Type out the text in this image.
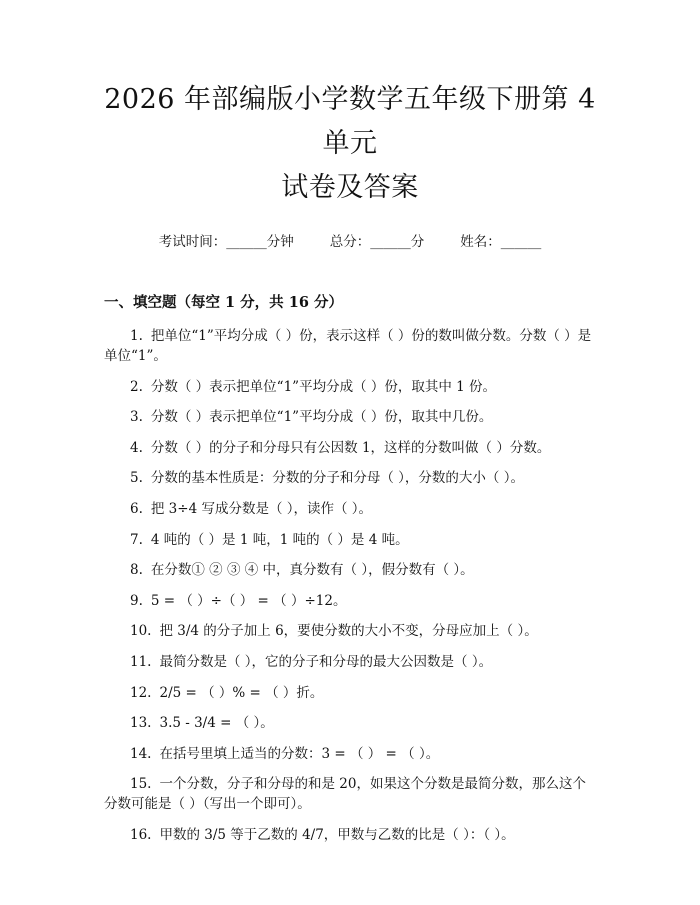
2026 年部编版小学数学五年级下册第 4 单元
试卷及答案
考试时间：______分钟	总分：______分	姓名：______
一、填空题（每空 1 分，共 16 分）
1. 把单位“1”平均分成（ ）份，表示这样（ ）份的数叫做分数。分数（ ）是单位“1”。
2. 分数（ ）表示把单位“1”平均分成（ ）份，取其中 1 份。
3. 分数（ ）表示把单位“1”平均分成（ ）份，取其中几份。
4. 分数（ ）的分子和分母只有公因数 1，这样的分数叫做（ ）分数。
5. 分数的基本性质是：分数的分子和分母（ ），分数的大小（ ）。
6. 把 3÷4 写成分数是（ ），读作（ ）。
7. 4 吨的（ ）是 1 吨，1 吨的（ ）是 4 吨。
8. 在分数① ② ③ ④ 中，真分数有（ ），假分数有（ ）。
9. 5 = （ ）÷（ ） = （ ）÷12。
10. 把 3/4 的分子加上 6，要使分数的大小不变，分母应加上（ ）。
11. 最简分数是（ ），它的分子和分母的最大公因数是（ ）。
12. 2/5 = （ ）% = （ ）折。
13. 3.5 - 3/4 = （ ）。
14. 在括号里填上适当的分数：3 = （ ） = （ ）。
15. 一个分数，分子和分母的和是 20，如果这个分数是最简分数，那么这个分数可能是（ ）（写出一个即可）。
16. 甲数的 3/5 等于乙数的 4/7，甲数与乙数的比是（ ）：（ ）。
